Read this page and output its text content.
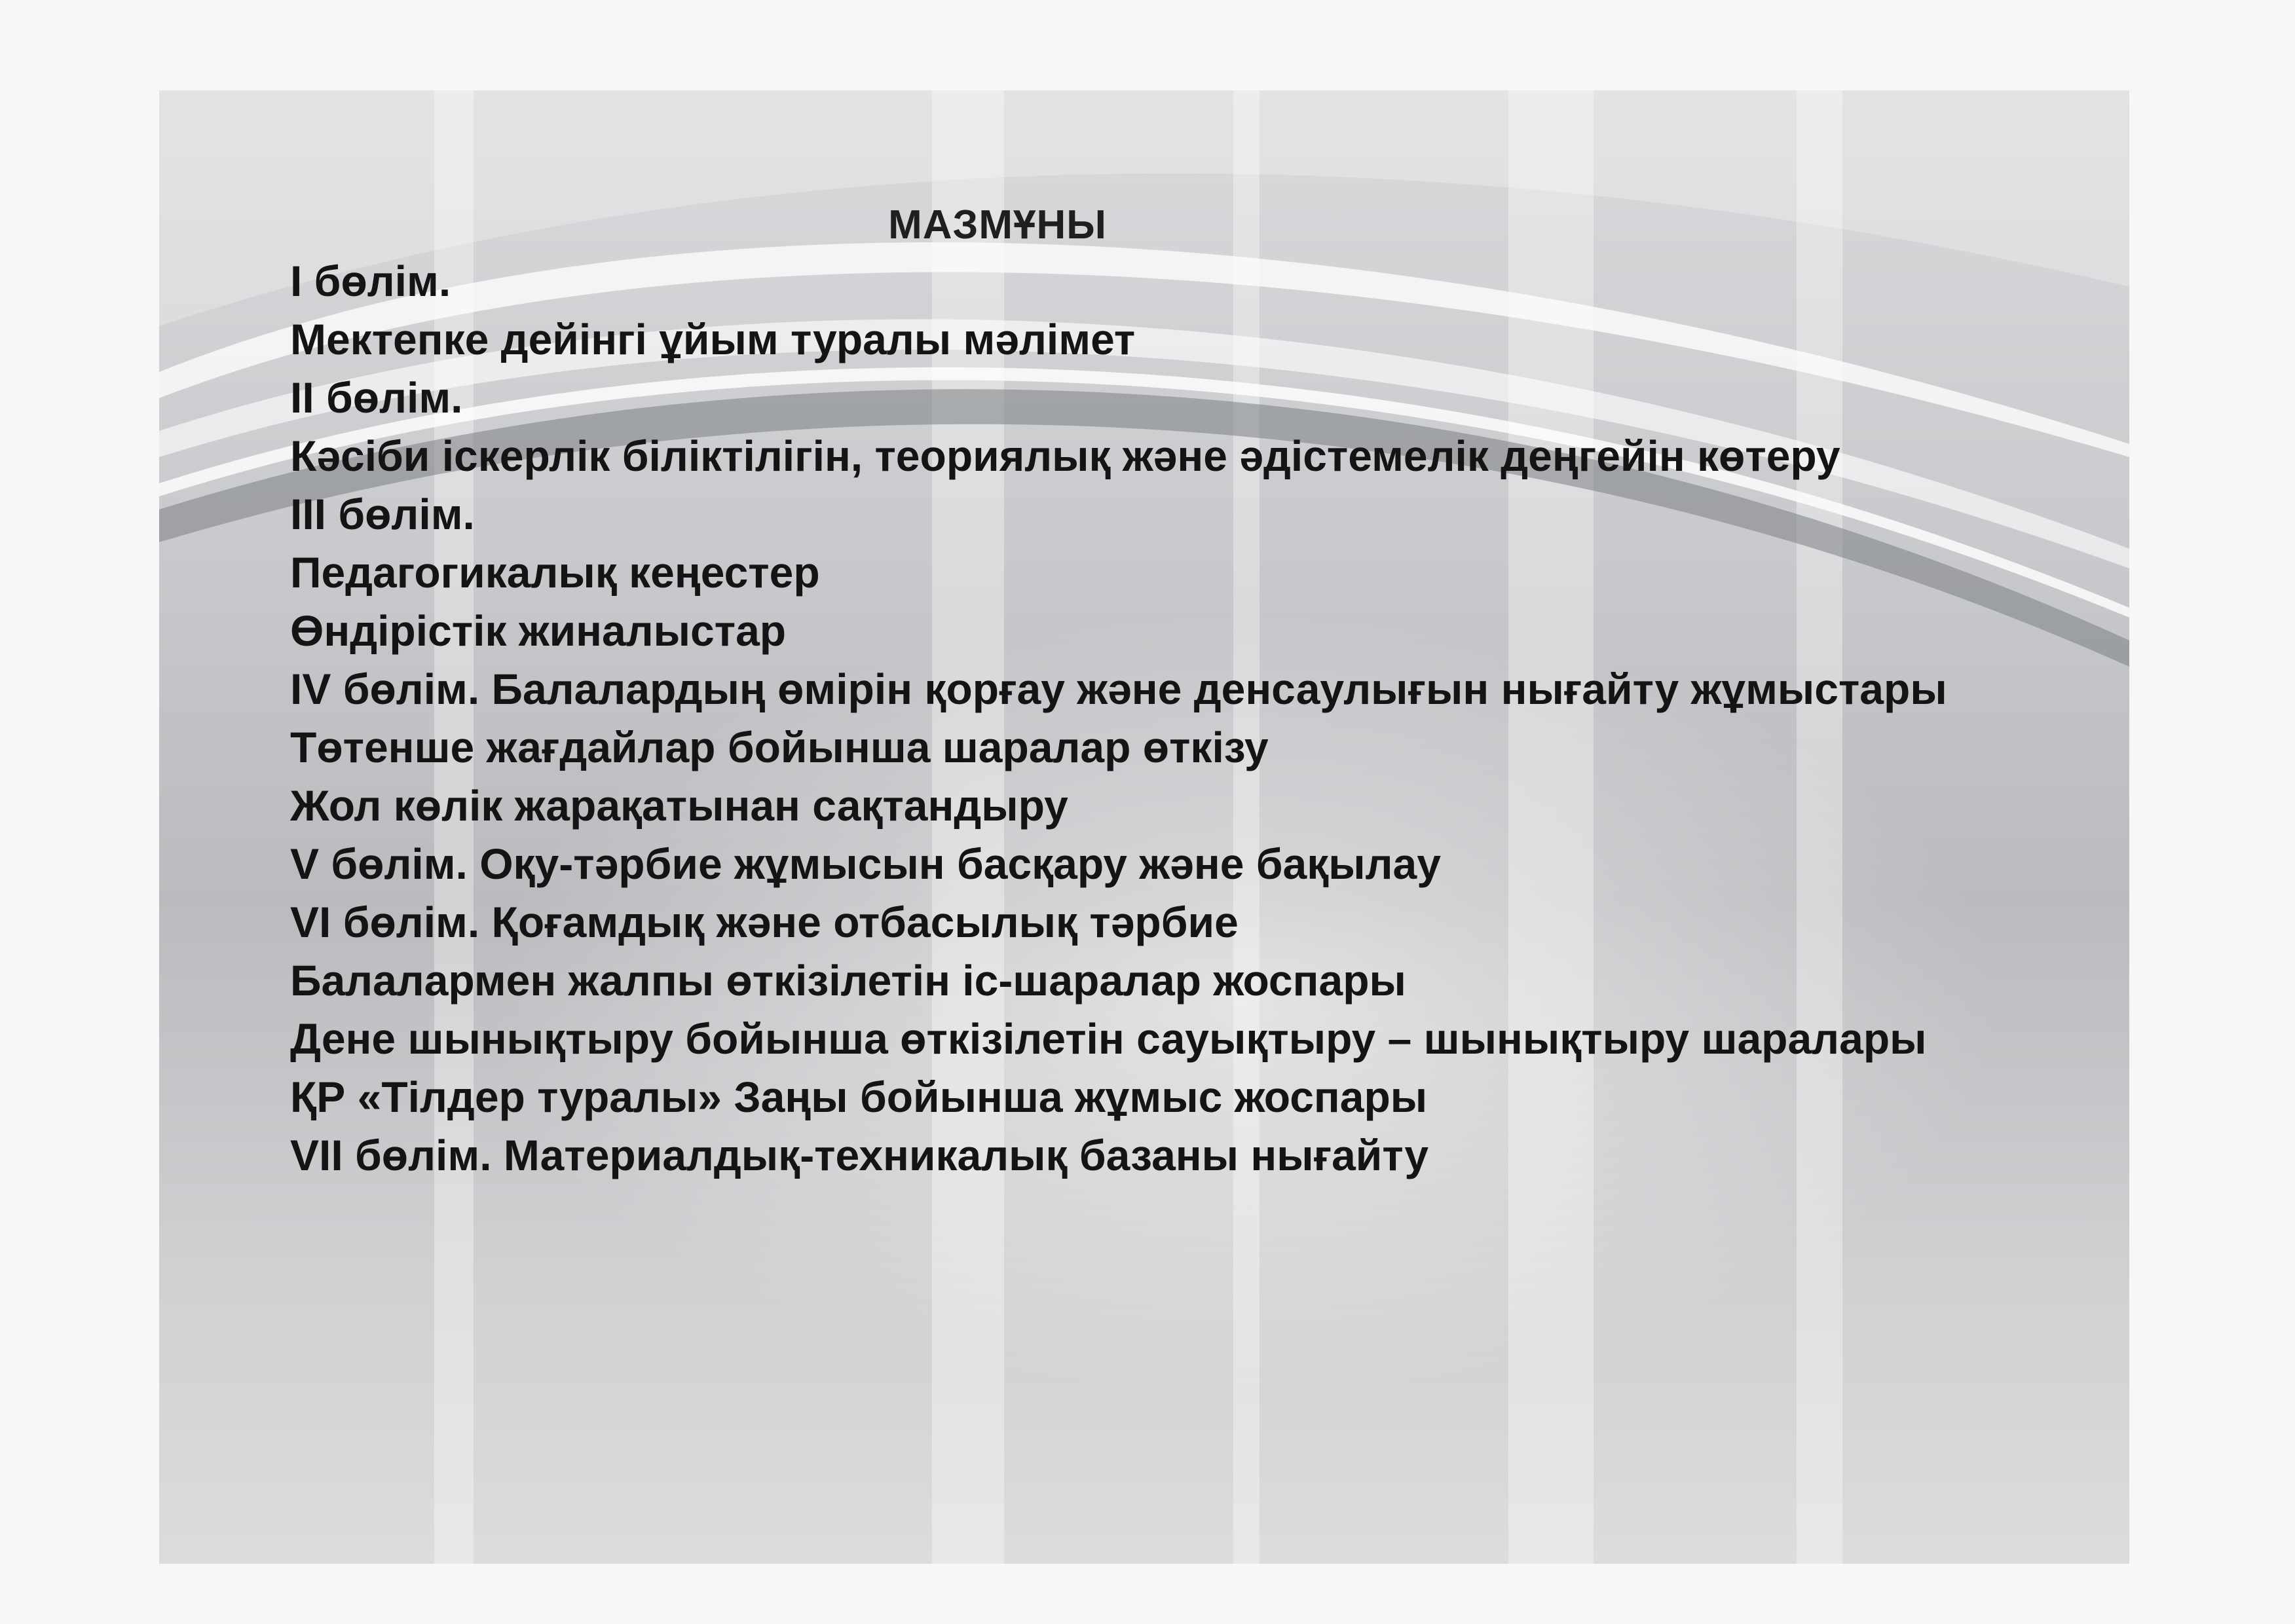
МАЗМҰНЫ
І бөлім.
Мектепке дейінгі ұйым туралы мәлімет
ІІ бөлім.
Кәсіби іскерлік біліктілігін, теориялық және әдістемелік деңгейін көтеру
ІІІ бөлім.
Педагогикалық кеңестер
Өндірістік жиналыстар
ІV бөлім. Балалардың өмірін қорғау және денсаулығын нығайту жұмыстары
Төтенше жағдайлар бойынша шаралар өткізу
Жол көлік жарақатынан сақтандыру
V бөлім. Оқу-тәрбие жұмысын басқару және бақылау
VІ бөлім. Қоғамдық және отбасылық тәрбие
Балалармен жалпы өткізілетін іс-шаралар жоспары
Дене шынықтыру бойынша өткізілетін сауықтыру – шынықтыру шаралары
ҚР «Тілдер туралы» Заңы бойынша жұмыс жоспары
VІІ бөлім. Материалдық-техникалық базаны нығайту
